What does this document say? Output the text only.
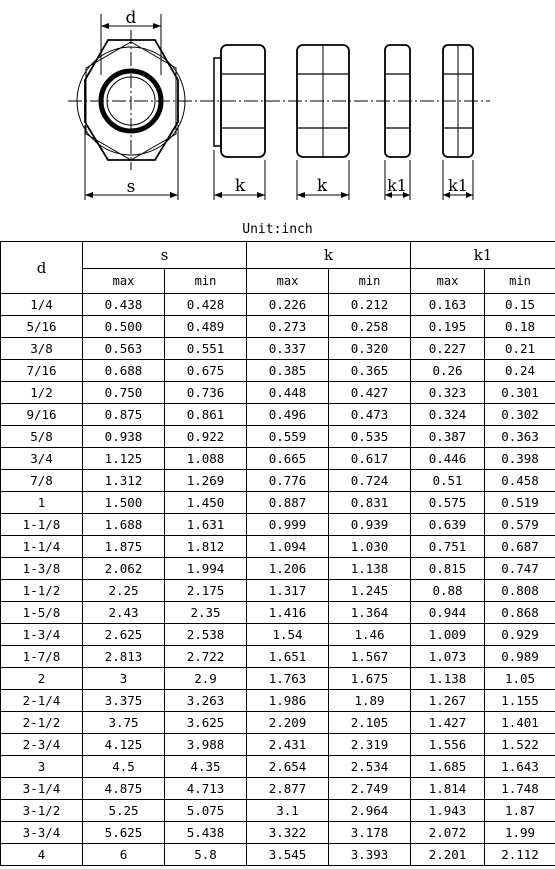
d
s	k	k	k1	k1
Unit:inch
d	s		k		k1	
	max	min	max	min	max	min
1/4	0.438	0.428	0.226	0.212	0.163	0.15
5/16	0.500	0.489	0.273	0.258	0.195	0.18
3/8	0.563	0.551	0.337	0.320	0.227	0.21
7/16	0.688	0.675	0.385	0.365	0.26	0.24
1/2	0.750	0.736	0.448	0.427	0.323	0.301
9/16	0.875	0.861	0.496	0.473	0.324	0.302
5/8	0.938	0.922	0.559	0.535	0.387	0.363
3/4	1.125	1.088	0.665	0.617	0.446	0.398
7/8	1.312	1.269	0.776	0.724	0.51	0.458
1	1.500	1.450	0.887	0.831	0.575	0.519
1-1/8	1.688	1.631	0.999	0.939	0.639	0.579
1-1/4	1.875	1.812	1.094	1.030	0.751	0.687
1-3/8	2.062	1.994	1.206	1.138	0.815	0.747
1-1/2	2.25	2.175	1.317	1.245	0.88	0.808
1-5/8	2.43	2.35	1.416	1.364	0.944	0.868
1-3/4	2.625	2.538	1.54	1.46	1.009	0.929
1-7/8	2.813	2.722	1.651	1.567	1.073	0.989
2	3	2.9	1.763	1.675	1.138	1.05
2-1/4	3.375	3.263	1.986	1.89	1.267	1.155
2-1/2	3.75	3.625	2.209	2.105	1.427	1.401
2-3/4	4.125	3.988	2.431	2.319	1.556	1.522
3	4.5	4.35	2.654	2.534	1.685	1.643
3-1/4	4.875	4.713	2.877	2.749	1.814	1.748
3-1/2	5.25	5.075	3.1	2.964	1.943	1.87
3-3/4	5.625	5.438	3.322	3.178	2.072	1.99
4	6	5.8	3.545	3.393	2.201	2.112
